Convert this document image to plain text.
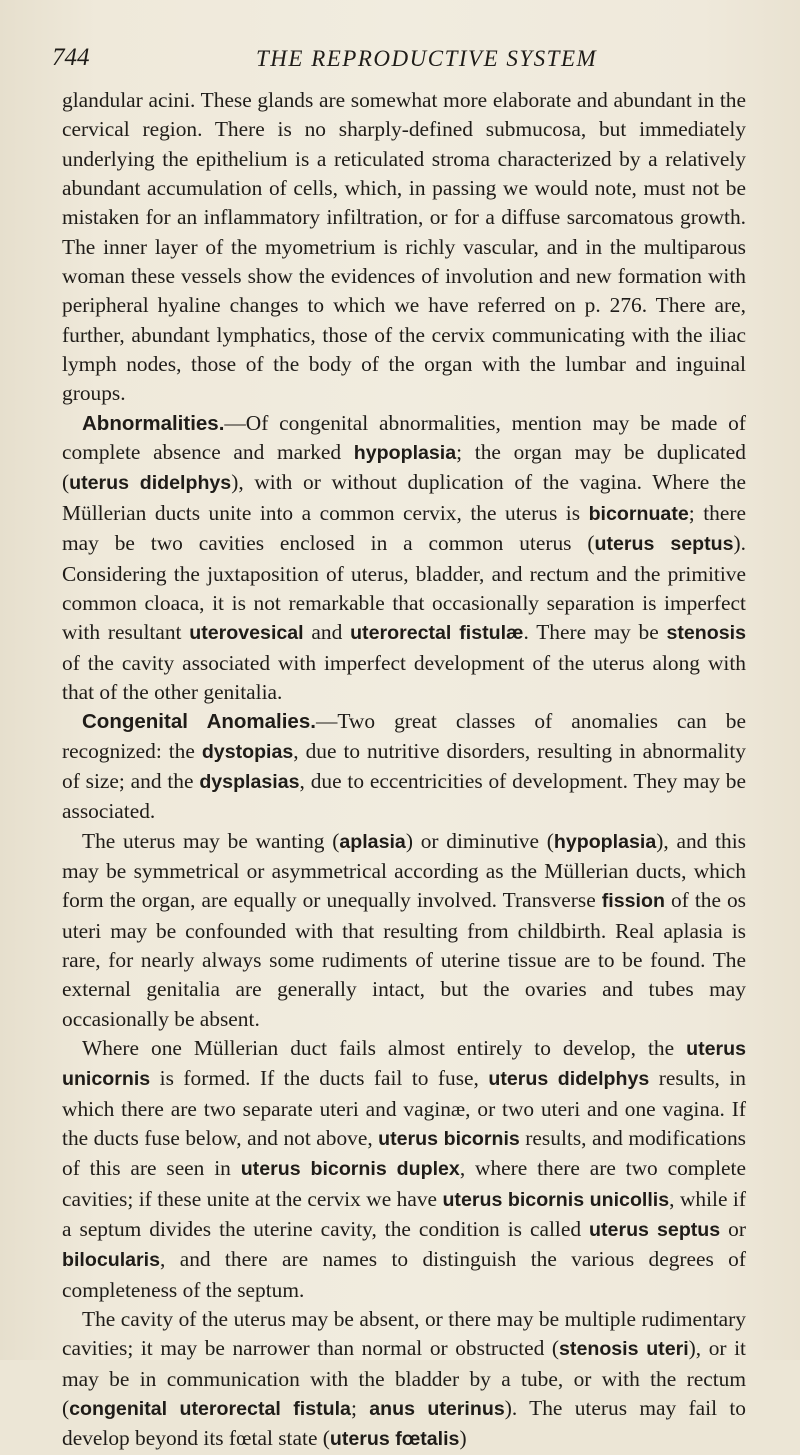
744	THE REPRODUCTIVE SYSTEM

glandular acini. These glands are somewhat more elaborate and abundant in the cervical region. There is no sharply-defined submucosa, but immediately underlying the epithelium is a reticulated stroma characterized by a relatively abundant accumulation of cells, which, in passing we would note, must not be mistaken for an inflammatory infiltration, or for a diffuse sarcomatous growth. The inner layer of the myometrium is richly vascular, and in the multiparous woman these vessels show the evidences of involution and new formation with peripheral hyaline changes to which we have referred on p. 276. There are, further, abundant lymphatics, those of the cervix communicating with the iliac lymph nodes, those of the body of the organ with the lumbar and inguinal groups.

Abnormalities.—Of congenital abnormalities, mention may be made of complete absence and marked hypoplasia; the organ may be duplicated (uterus didelphys), with or without duplication of the vagina. Where the Müllerian ducts unite into a common cervix, the uterus is bicornuate; there may be two cavities enclosed in a common uterus (uterus septus). Considering the juxtaposition of uterus, bladder, and rectum and the primitive common cloaca, it is not remarkable that occasionally separation is imperfect with resultant uterovesical and uterorectal fistulæ. There may be stenosis of the cavity associated with imperfect development of the uterus along with that of the other genitalia.

Congenital Anomalies.—Two great classes of anomalies can be recognized: the dystopias, due to nutritive disorders, resulting in abnormality of size; and the dysplasias, due to eccentricities of development. They may be associated.

The uterus may be wanting (aplasia) or diminutive (hypoplasia), and this may be symmetrical or asymmetrical according as the Müllerian ducts, which form the organ, are equally or unequally involved. Transverse fission of the os uteri may be confounded with that resulting from childbirth. Real aplasia is rare, for nearly always some rudiments of uterine tissue are to be found. The external genitalia are generally intact, but the ovaries and tubes may occasionally be absent.

Where one Müllerian duct fails almost entirely to develop, the uterus unicornis is formed. If the ducts fail to fuse, uterus didelphys results, in which there are two separate uteri and vaginæ, or two uteri and one vagina. If the ducts fuse below, and not above, uterus bicornis results, and modifications of this are seen in uterus bicornis duplex, where there are two complete cavities; if these unite at the cervix we have uterus bicornis unicollis, while if a septum divides the uterine cavity, the condition is called uterus septus or bilocularis, and there are names to distinguish the various degrees of completeness of the septum.

The cavity of the uterus may be absent, or there may be multiple rudimentary cavities; it may be narrower than normal or obstructed (stenosis uteri), or it may be in communication with the bladder by a tube, or with the rectum (congenital uterorectal fistula; anus uterinus). The uterus may fail to develop beyond its fœtal state (uterus fœtalis)
